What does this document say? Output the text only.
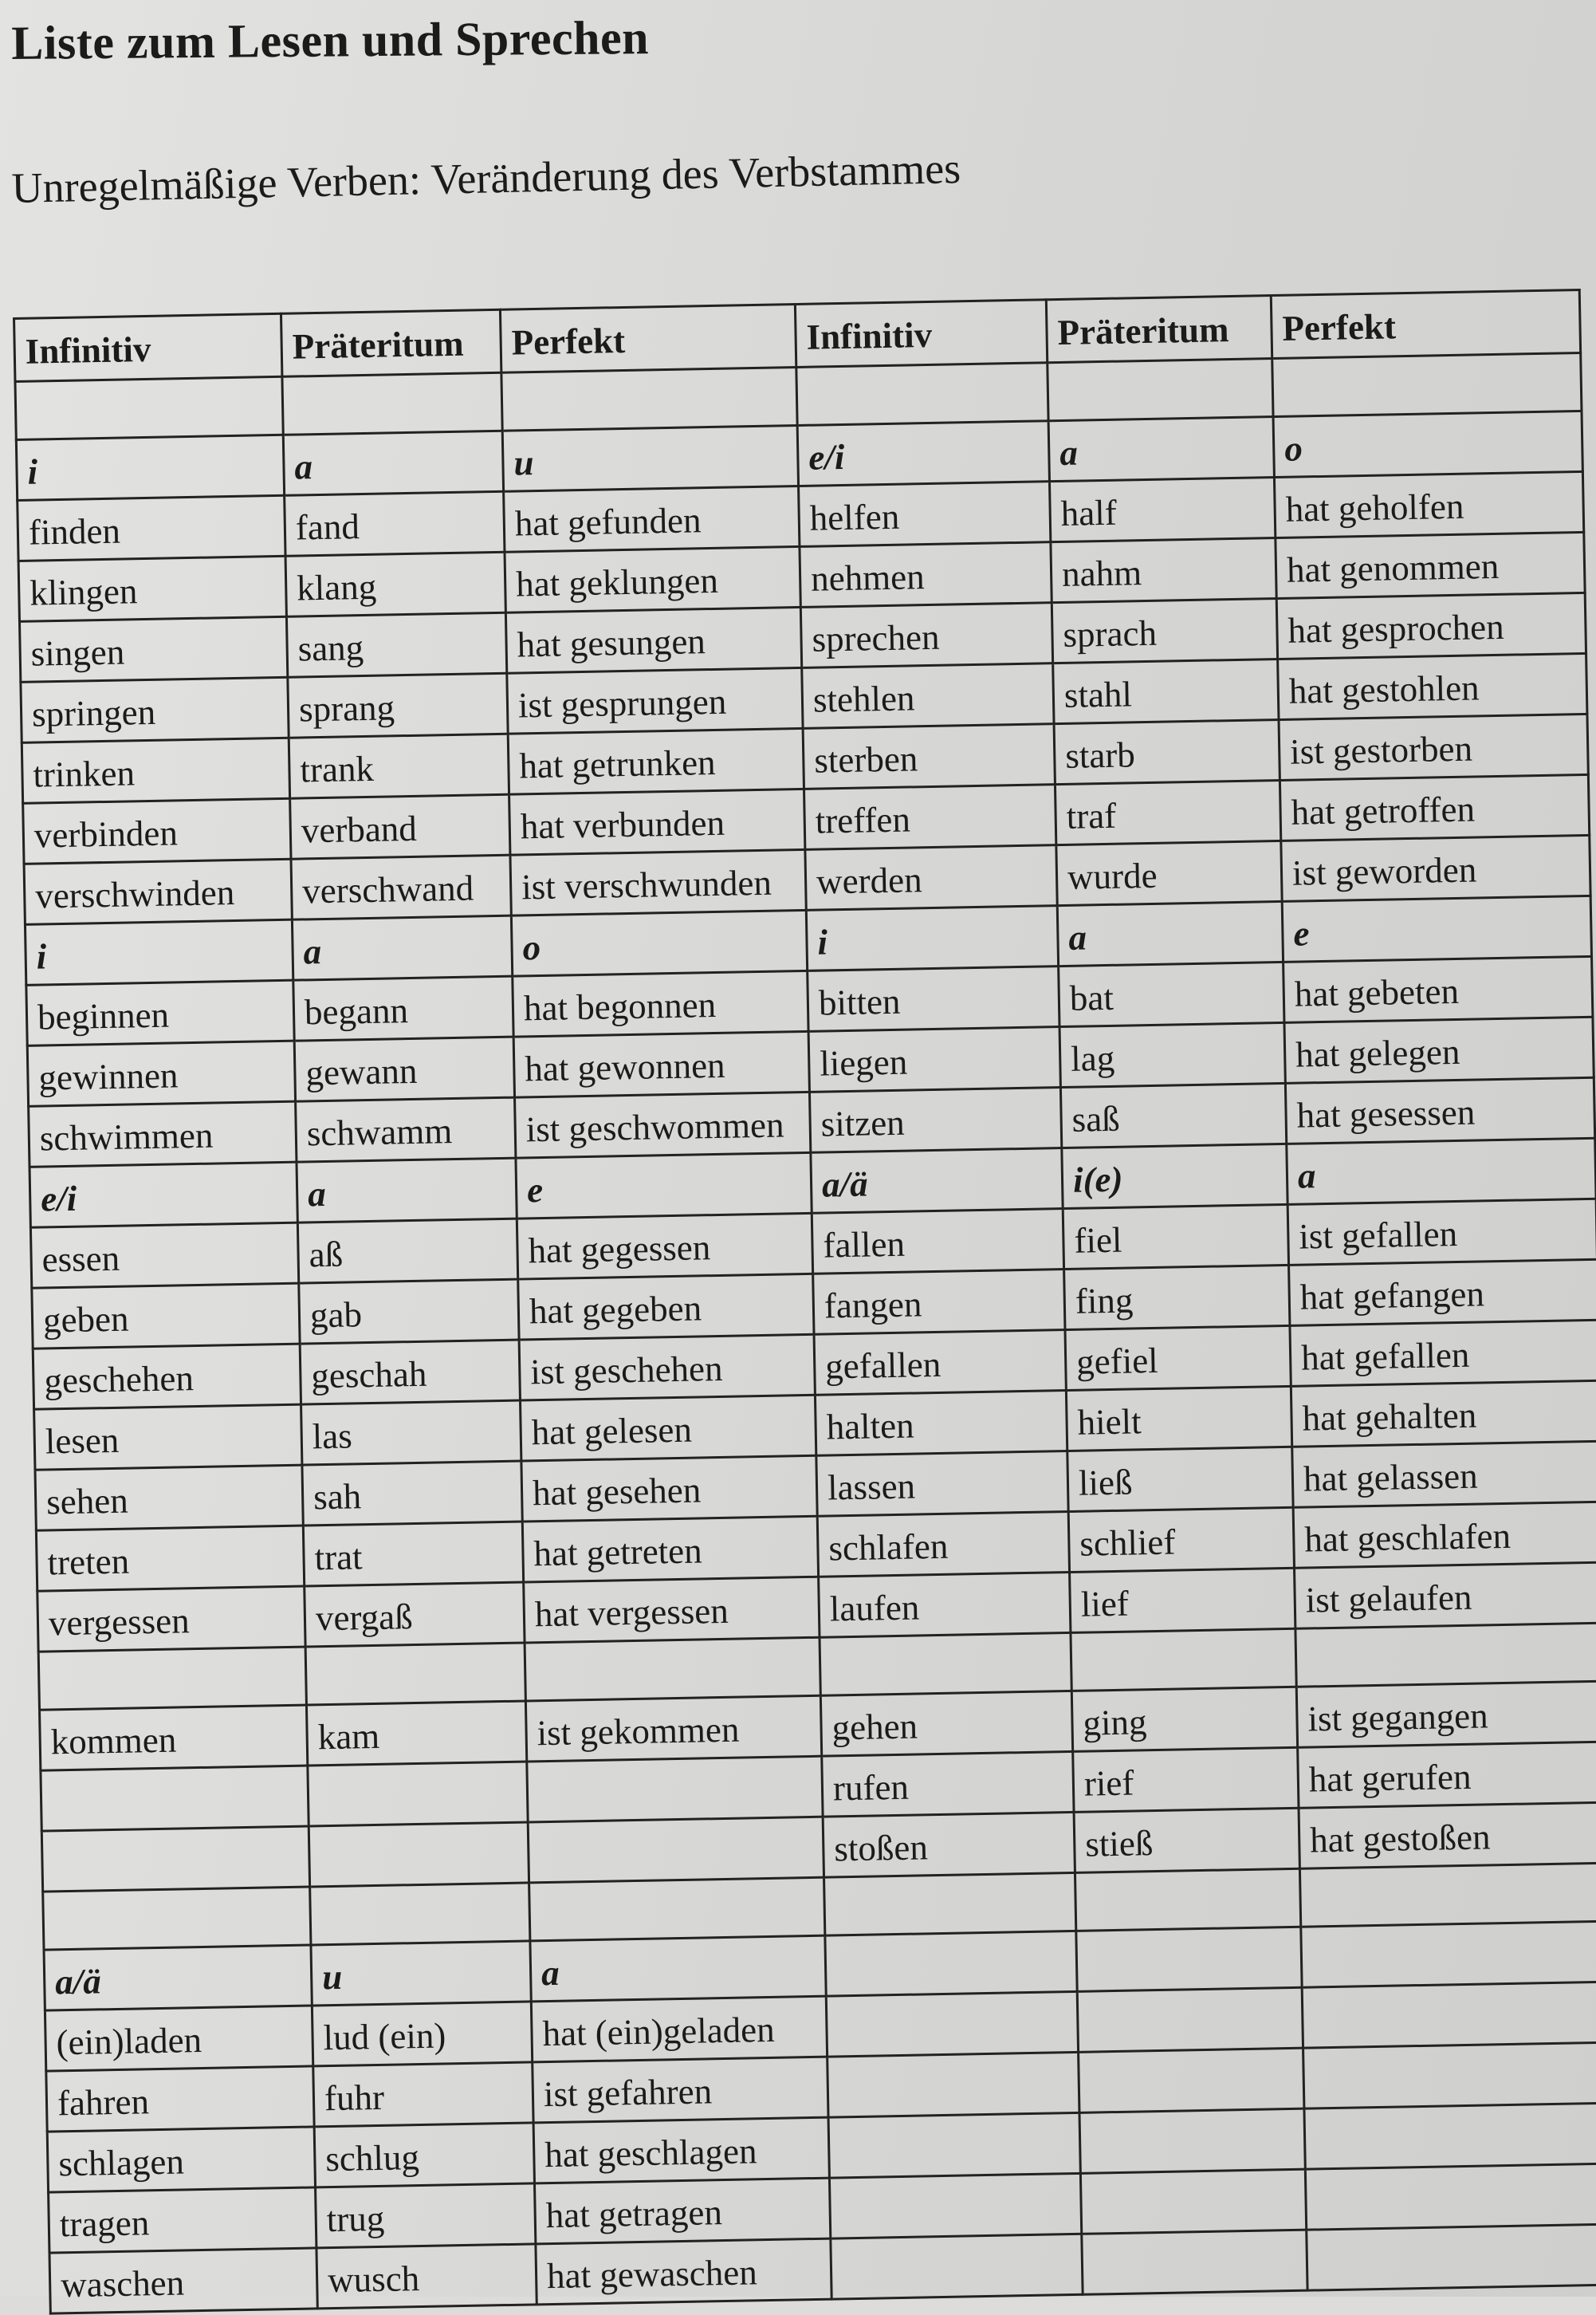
Liste zum Lesen und Sprechen
Unregelmäßige Verben: Veränderung des Verbstammes
Infinitiv	Präteritum	Perfekt	Infinitiv	Präteritum	Perfekt

i	a	u	e/i	a	o
finden	fand	hat gefunden	helfen	half	hat geholfen
klingen	klang	hat geklungen	nehmen	nahm	hat genommen
singen	sang	hat gesungen	sprechen	sprach	hat gesprochen
springen	sprang	ist gesprungen	stehlen	stahl	hat gestohlen
trinken	trank	hat getrunken	sterben	starb	ist gestorben
verbinden	verband	hat verbunden	treffen	traf	hat getroffen
verschwinden	verschwand	ist verschwunden	werden	wurde	ist geworden
i	a	o	i	a	e
beginnen	begann	hat begonnen	bitten	bat	hat gebeten
gewinnen	gewann	hat gewonnen	liegen	lag	hat gelegen
schwimmen	schwamm	ist geschwommen	sitzen	saß	hat gesessen
e/i	a	e	a/ä	i(e)	a
essen	aß	hat gegessen	fallen	fiel	ist gefallen
geben	gab	hat gegeben	fangen	fing	hat gefangen
geschehen	geschah	ist geschehen	gefallen	gefiel	hat gefallen
lesen	las	hat gelesen	halten	hielt	hat gehalten
sehen	sah	hat gesehen	lassen	ließ	hat gelassen
treten	trat	hat getreten	schlafen	schlief	hat geschlafen
vergessen	vergaß	hat vergessen	laufen	lief	ist gelaufen

kommen	kam	ist gekommen	gehen	ging	ist gegangen
			rufen	rief	hat gerufen
			stoßen	stieß	hat gestoßen

a/ä	u	a			
(ein)laden	lud (ein)	hat (ein)geladen			
fahren	fuhr	ist gefahren			
schlagen	schlug	hat geschlagen			
tragen	trug	hat getragen			
waschen	wusch	hat gewaschen			
